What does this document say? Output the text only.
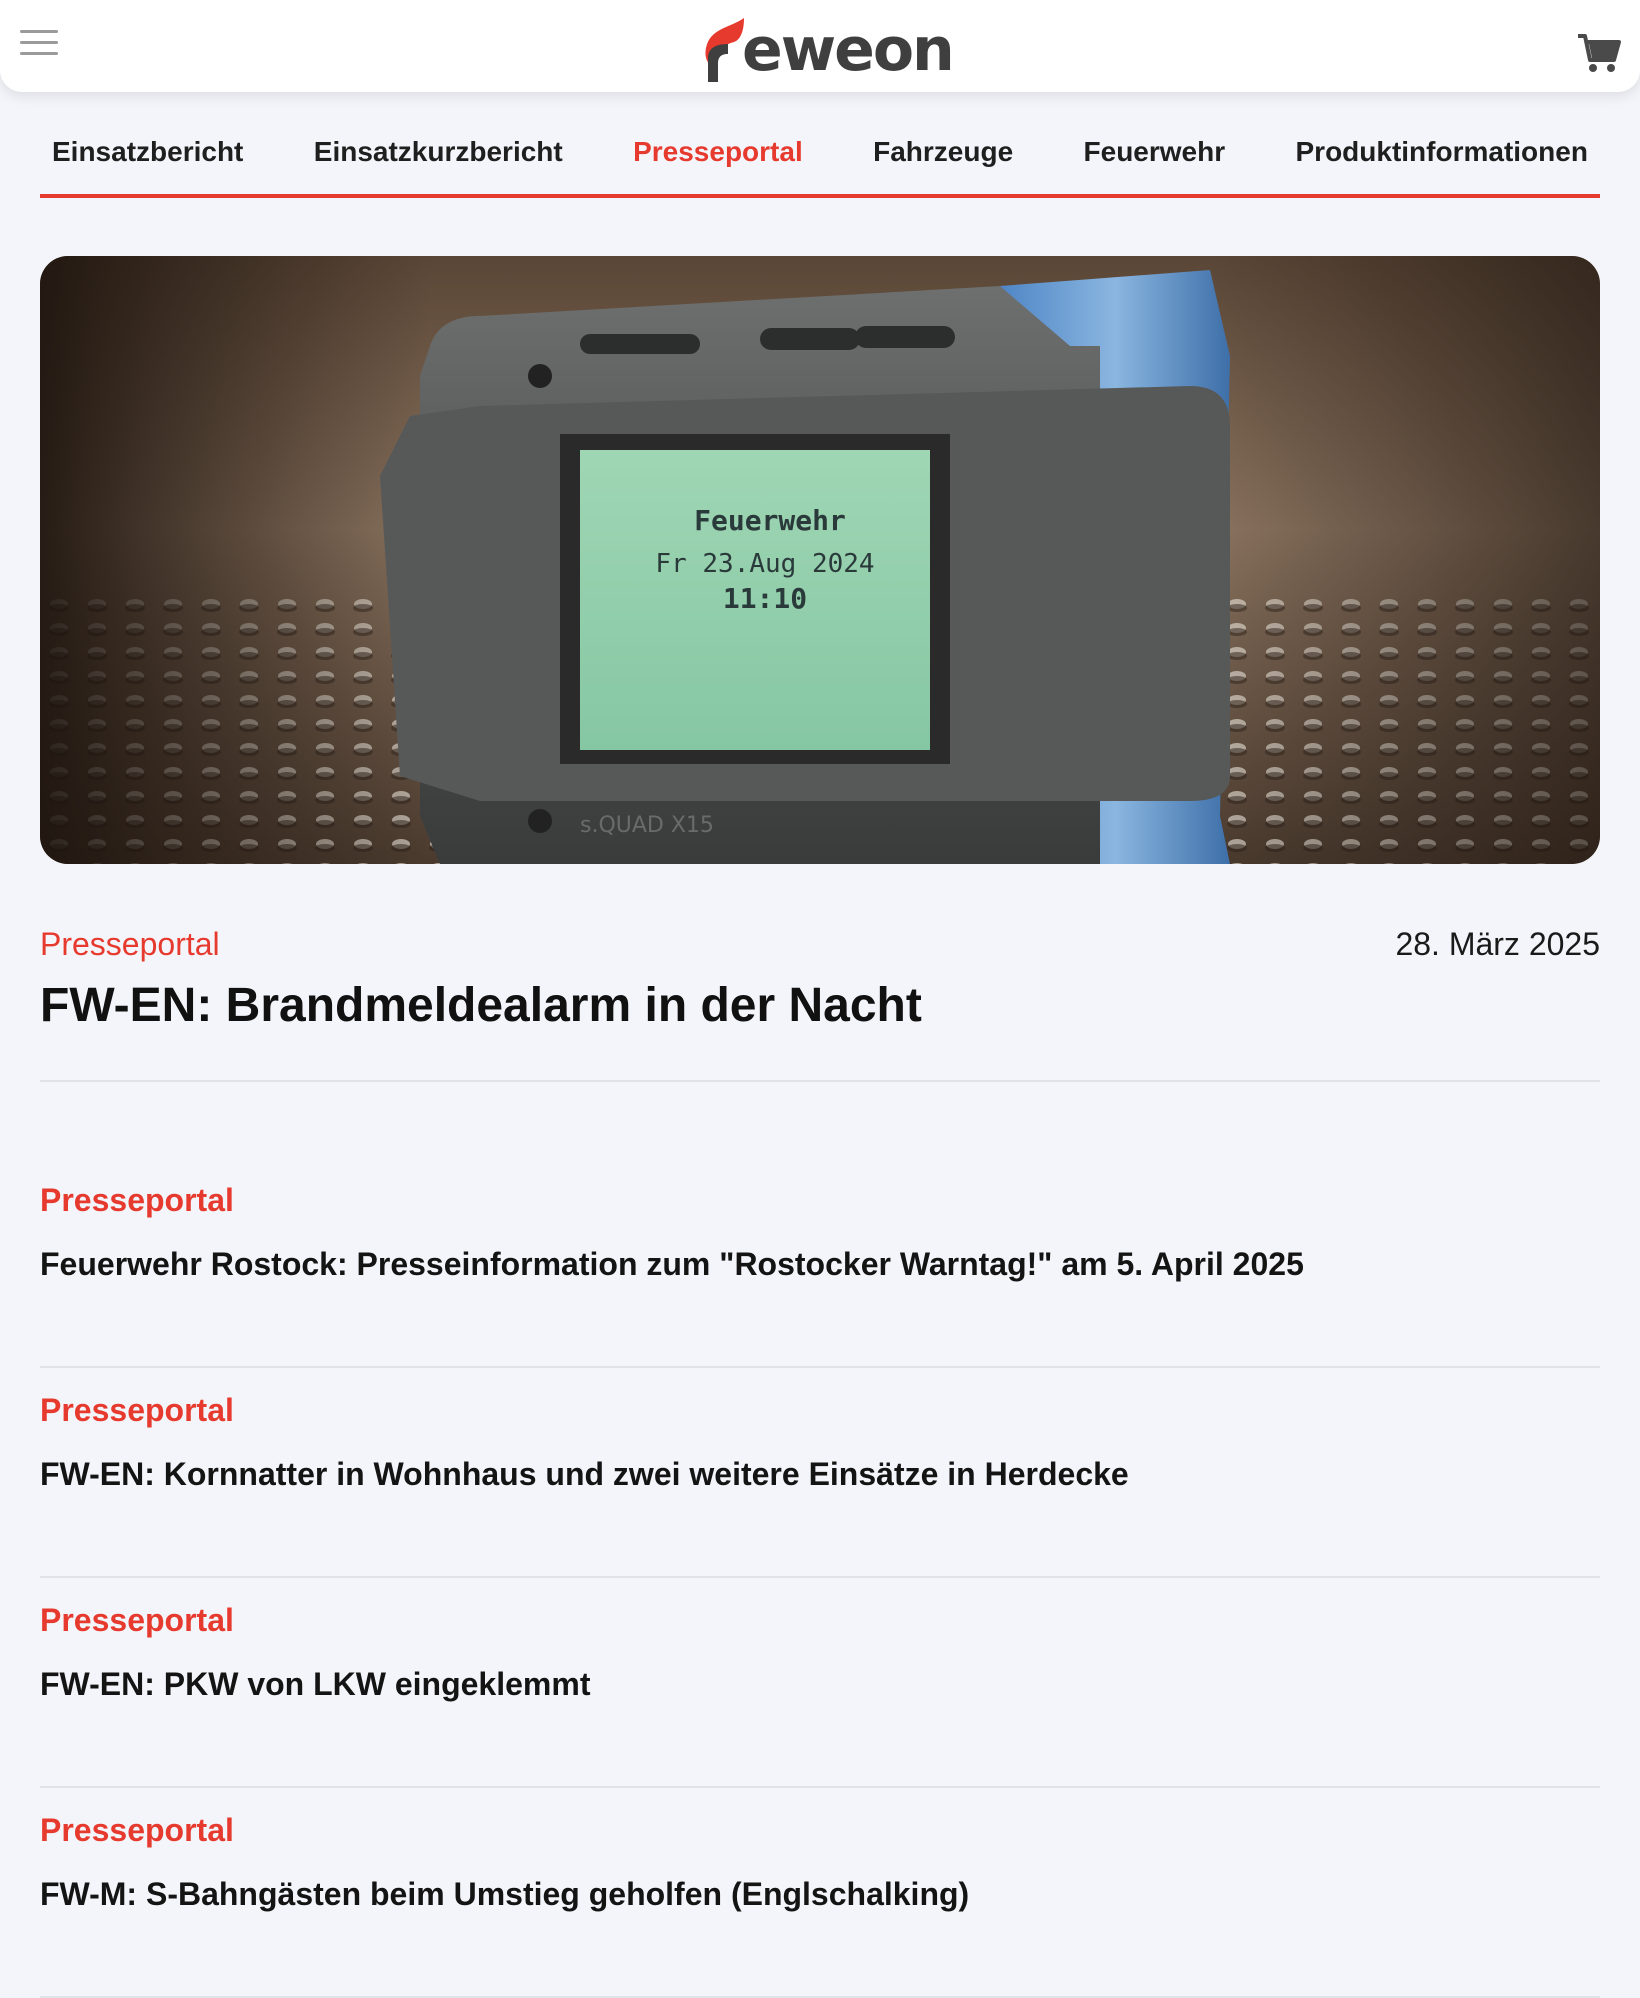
eweon
Einsatzbericht	Einsatzkurzbericht	Presseportal	Fahrzeuge	Feuerwehr	Produktinformationen
Feuerwehr
Fr 23.Aug 2024
11:10
s.QUAD X15
Presseportal	28. März 2025
FW-EN: Brandmeldealarm in der Nacht
Presseportal
Feuerwehr Rostock: Presseinformation zum "Rostocker Warntag!" am 5. April 2025
Presseportal
FW-EN: Kornnatter in Wohnhaus und zwei weitere Einsätze in Herdecke
Presseportal
FW-EN: PKW von LKW eingeklemmt
Presseportal
FW-M: S-Bahngästen beim Umstieg geholfen (Englschalking)
